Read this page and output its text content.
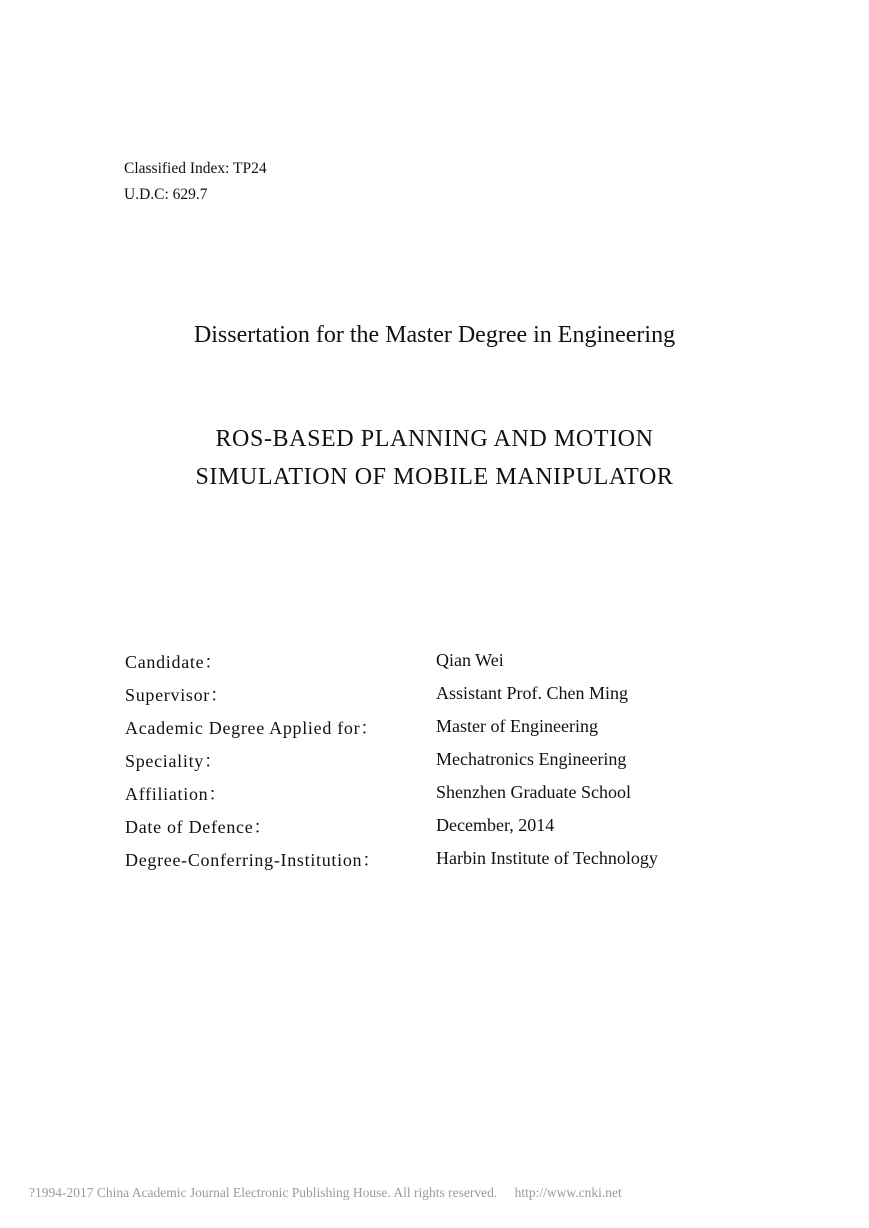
Classified Index: TP24
U.D.C: 629.7
Dissertation for the Master Degree in Engineering
ROS-BASED PLANNING AND MOTION
SIMULATION OF MOBILE MANIPULATOR
Candidate：	Qian Wei
Supervisor：	Assistant Prof. Chen Ming
Academic Degree Applied for：	Master of Engineering
Speciality：	Mechatronics Engineering
Affiliation：	Shenzhen Graduate School
Date of Defence：	December, 2014
Degree-Conferring-Institution：	Harbin Institute of Technology
?1994-2017 China Academic Journal Electronic Publishing House. All rights reserved. http://www.cnki.net
